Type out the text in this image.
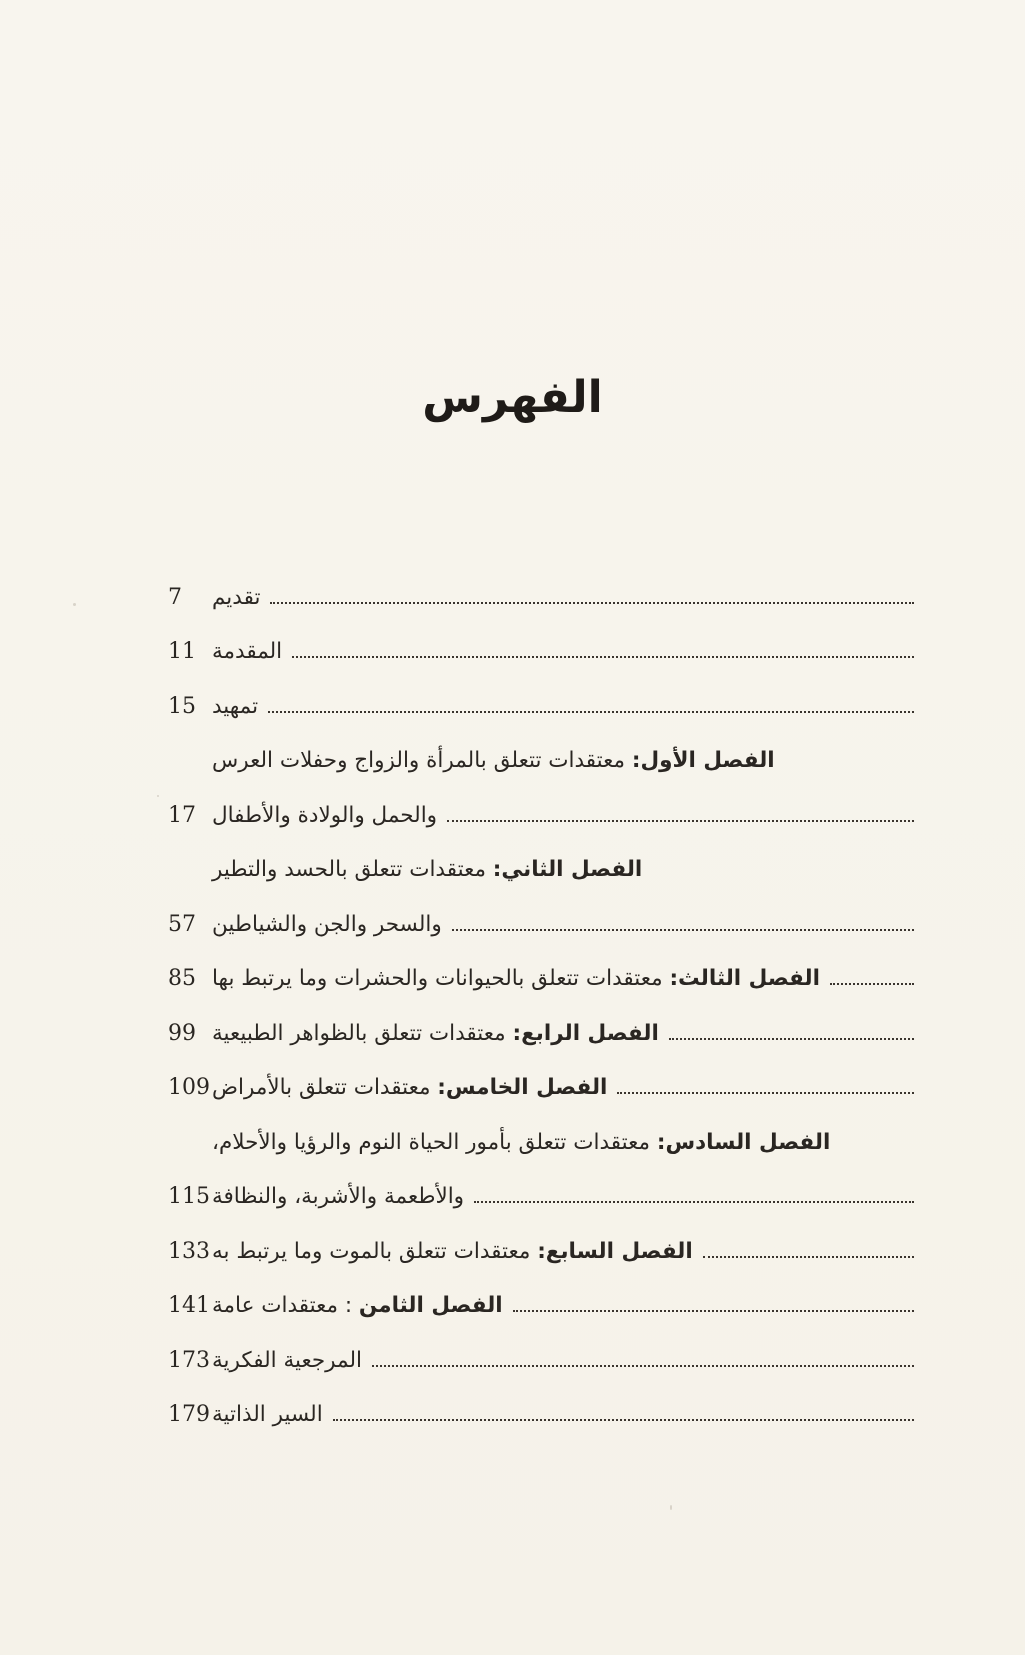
الفهرس
7	تقديم
11 المقدمة
15 تمهيد
الفصل الأول: معتقدات تتعلق بالمرأة والزواج وحفلات العرس
17 والحمل والولادة والأطفال
الفصل الثاني: معتقدات تتعلق بالحسد والتطير
57 والسحر والجن والشياطين
85	الفصل الثالث: معتقدات تتعلق بالحيوانات والحشرات وما يرتبط بها
99	الفصل الرابع: معتقدات تتعلق بالظواهر الطبيعية
109	الفصل الخامس: معتقدات تتعلق بالأمراض
الفصل السادس: معتقدات تتعلق بأمور الحياة النوم والرؤيا والأحلام،
115 والأطعمة والأشربة، والنظافة
133	الفصل السابع: معتقدات تتعلق بالموت وما يرتبط به
141	الفصل الثامن : معتقدات عامة
173 المرجعية الفكرية
179 السير الذاتية
